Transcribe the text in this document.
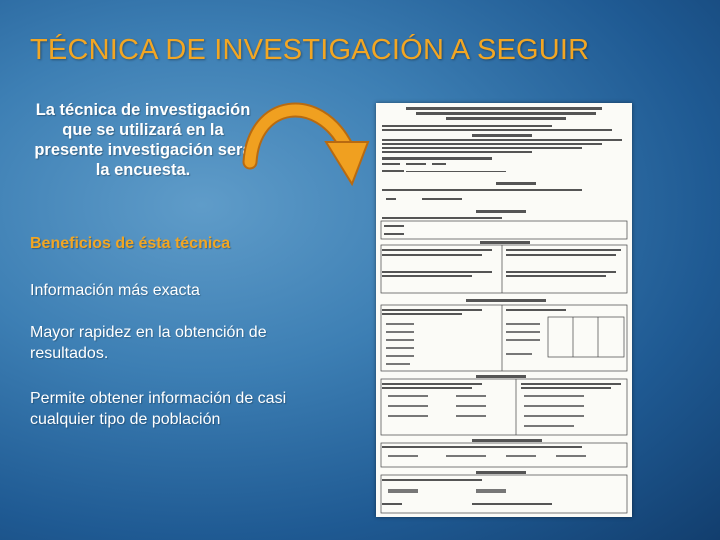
TÉCNICA DE INVESTIGACIÓN A SEGUIR
La técnica de investigación que se utilizará en la presente investigación será la encuesta.
Beneficios de ésta técnica
Información más exacta
Mayor rapidez en la obtención de resultados.
Permite obtener información de casi cualquier tipo de población
